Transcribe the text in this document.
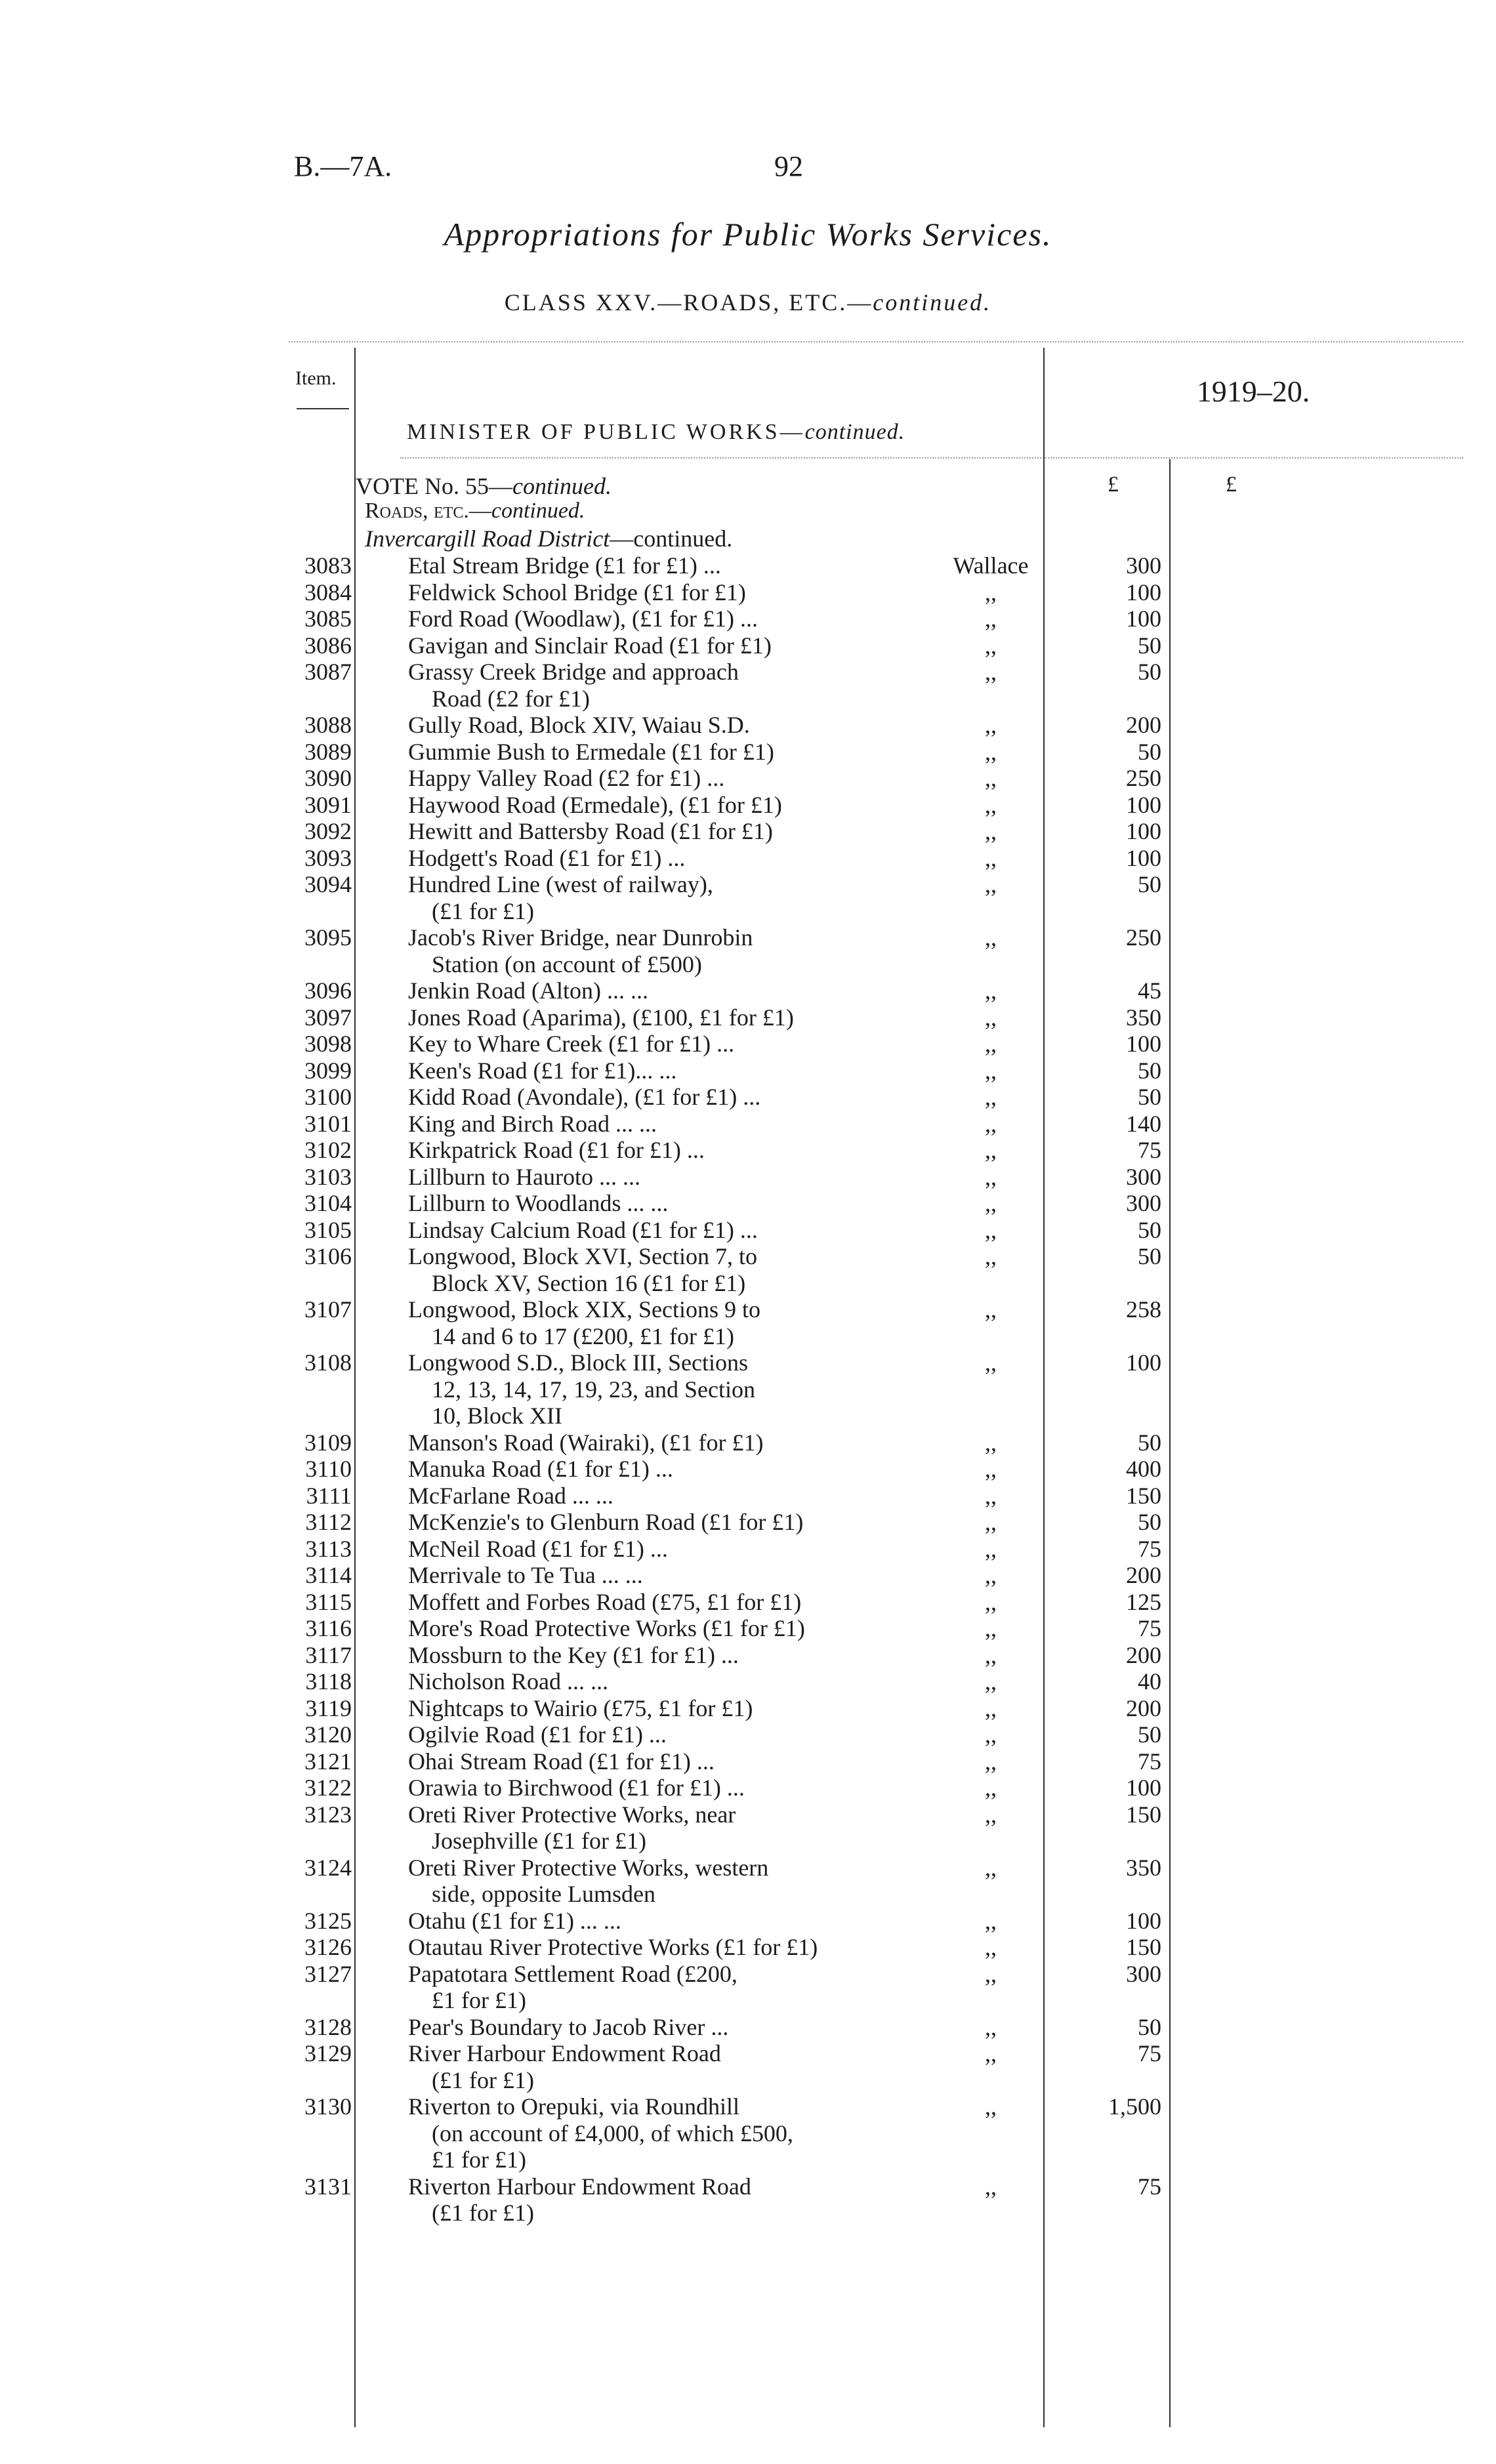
B.—7A.	92
Appropriations for Public Works Services.
CLASS XXV.—ROADS, ETC.—continued.
Item.	1919–20.
MINISTER OF PUBLIC WORKS—continued.
£	£
VOTE No. 55—continued.
Roads, etc.—continued.
Invercargill Road District—continued.
3083 Etal Stream Bridge (£1 for £1) ...	Wallace	300
3084 Feldwick School Bridge (£1 for £1)	,,	100
3085 Ford Road (Woodlaw), (£1 for £1) ...	,,	100
3086 Gavigan and Sinclair Road (£1 for £1)	,,	50
3087 Grassy Creek Bridge and approach
Road (£2 for £1)
,,	50
3088 Gully Road, Block XIV, Waiau S.D.	,,	200
3089 Gummie Bush to Ermedale (£1 for £1)	,,	50
3090 Happy Valley Road (£2 for £1) ...	,,	250
3091 Haywood Road (Ermedale), (£1 for £1)	,,	100
3092 Hewitt and Battersby Road (£1 for £1)	,,	100
3093 Hodgett's Road (£1 for £1) ...	,,	100
3094 Hundred Line (west of railway),
(£1 for £1)
,,	50
3095 Jacob's River Bridge, near Dunrobin
Station (on account of £500)
,,	250
3096 Jenkin Road (Alton) ... ...	,,	45
3097 Jones Road (Aparima), (£100, £1 for £1)	,,	350
3098 Key to Whare Creek (£1 for £1) ...	,,	100
3099 Keen's Road (£1 for £1)... ...	,,	50
3100 Kidd Road (Avondale), (£1 for £1) ...	,,	50
3101 King and Birch Road ... ...	,,	140
3102 Kirkpatrick Road (£1 for £1) ...	,,	75
3103 Lillburn to Hauroto ... ...	,,	300
3104 Lillburn to Woodlands ... ...	,,	300
3105 Lindsay Calcium Road (£1 for £1) ...	,,	50
3106 Longwood, Block XVI, Section 7, to
Block XV, Section 16 (£1 for £1)
,,	50
3107 Longwood, Block XIX, Sections 9 to
14 and 6 to 17 (£200, £1 for £1)
,,	258
3108 Longwood S.D., Block III, Sections
12, 13, 14, 17, 19, 23, and Section
10, Block XII
,,	100
3109 Manson's Road (Wairaki), (£1 for £1)	,,	50
3110 Manuka Road (£1 for £1) ...	,,	400
3111 McFarlane Road ... ...	,,	150
3112 McKenzie's to Glenburn Road (£1 for £1)	,,	50
3113 McNeil Road (£1 for £1) ...	,,	75
3114 Merrivale to Te Tua ... ...	,,	200
3115 Moffett and Forbes Road (£75, £1 for £1)	,,	125
3116 More's Road Protective Works (£1 for £1)	,,	75
3117 Mossburn to the Key (£1 for £1) ...	,,	200
3118 Nicholson Road ... ...	,,	40
3119 Nightcaps to Wairio (£75, £1 for £1)	,,	200
3120 Ogilvie Road (£1 for £1) ...	,,	50
3121 Ohai Stream Road (£1 for £1) ...	,,	75
3122 Orawia to Birchwood (£1 for £1) ...	,,	100
3123 Oreti River Protective Works, near
Josephville (£1 for £1)
,,	150
3124 Oreti River Protective Works, western
side, opposite Lumsden
,,	350
3125 Otahu (£1 for £1) ... ...	,,	100
3126 Otautau River Protective Works (£1 for £1)	,,	150
3127 Papatotara Settlement Road (£200,
£1 for £1)
,,	300
3128 Pear's Boundary to Jacob River ...	,,	50
3129 River Harbour Endowment Road
(£1 for £1)
,,	75
3130 Riverton to Orepuki, via Roundhill
(on account of £4,000, of which £500,
£1 for £1)
,,	1,500
3131 Riverton Harbour Endowment Road
(£1 for £1)
,,	75
